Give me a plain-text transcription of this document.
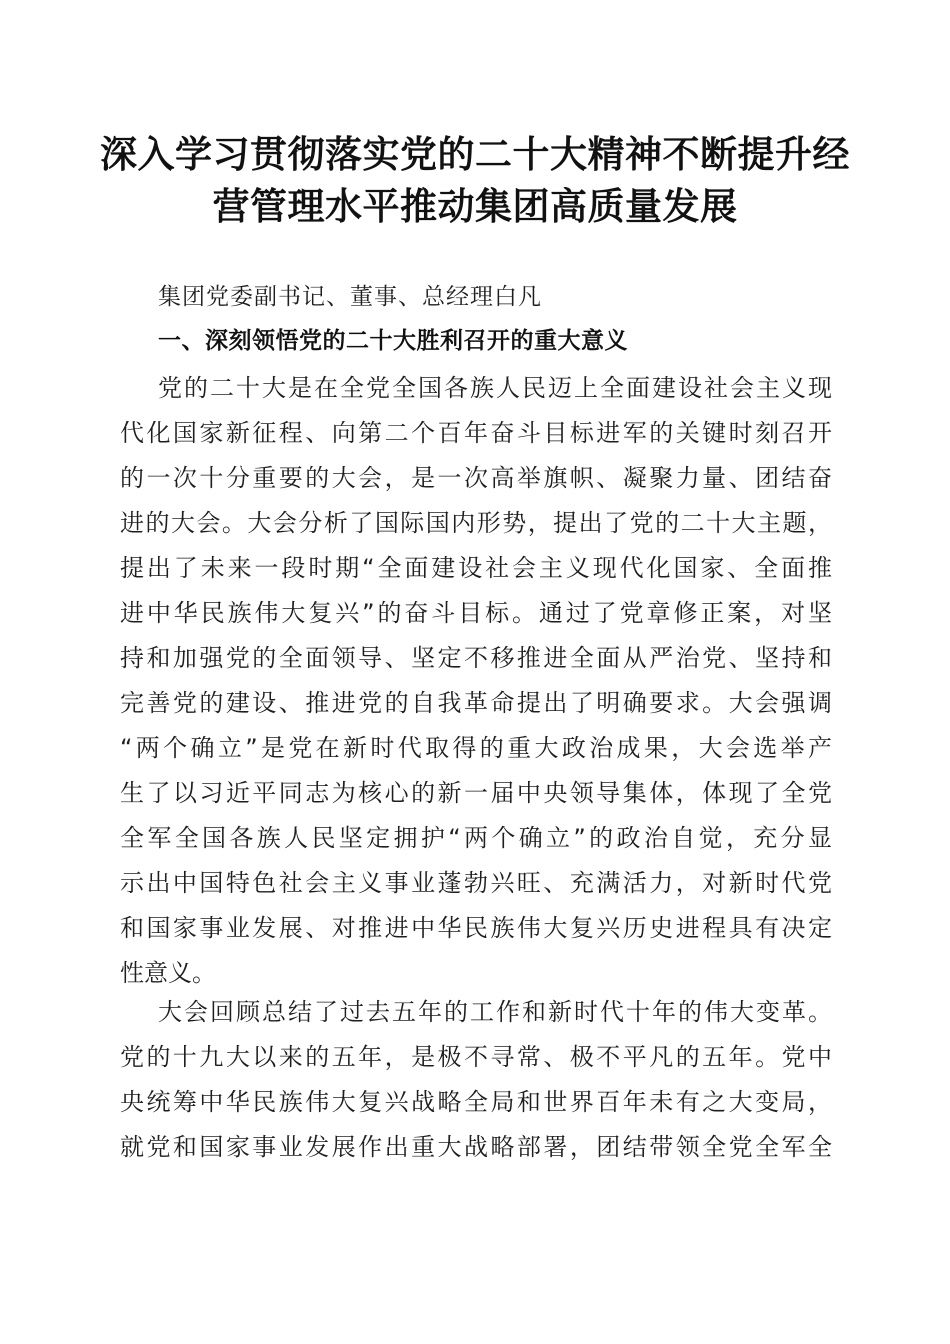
深入学习贯彻落实党的二十大精神不断提升经
营管理水平推动集团高质量发展

集团党委副书记、董事、总经理白凡

一、深刻领悟党的二十大胜利召开的重大意义
党的二十大是在全党全国各族人民迈上全面建设社会主义现
代化国家新征程、向第二个百年奋斗目标进军的关键时刻召开
的一次十分重要的大会，是一次高举旗帜、凝聚力量、团结奋
进的大会。大会分析了国际国内形势，提出了党的二十大主题，
提出了未来一段时期“全面建设社会主义现代化国家、全面推
进中华民族伟大复兴”的奋斗目标。通过了党章修正案，对坚
持和加强党的全面领导、坚定不移推进全面从严治党、坚持和
完善党的建设、推进党的自我革命提出了明确要求。大会强调
“两个确立”是党在新时代取得的重大政治成果，大会选举产
生了以习近平同志为核心的新一届中央领导集体，体现了全党
全军全国各族人民坚定拥护“两个确立”的政治自觉，充分显
示出中国特色社会主义事业蓬勃兴旺、充满活力，对新时代党
和国家事业发展、对推进中华民族伟大复兴历史进程具有决定
性意义。
大会回顾总结了过去五年的工作和新时代十年的伟大变革。
党的十九大以来的五年，是极不寻常、极不平凡的五年。党中
央统筹中华民族伟大复兴战略全局和世界百年未有之大变局，
就党和国家事业发展作出重大战略部署，团结带领全党全军全
